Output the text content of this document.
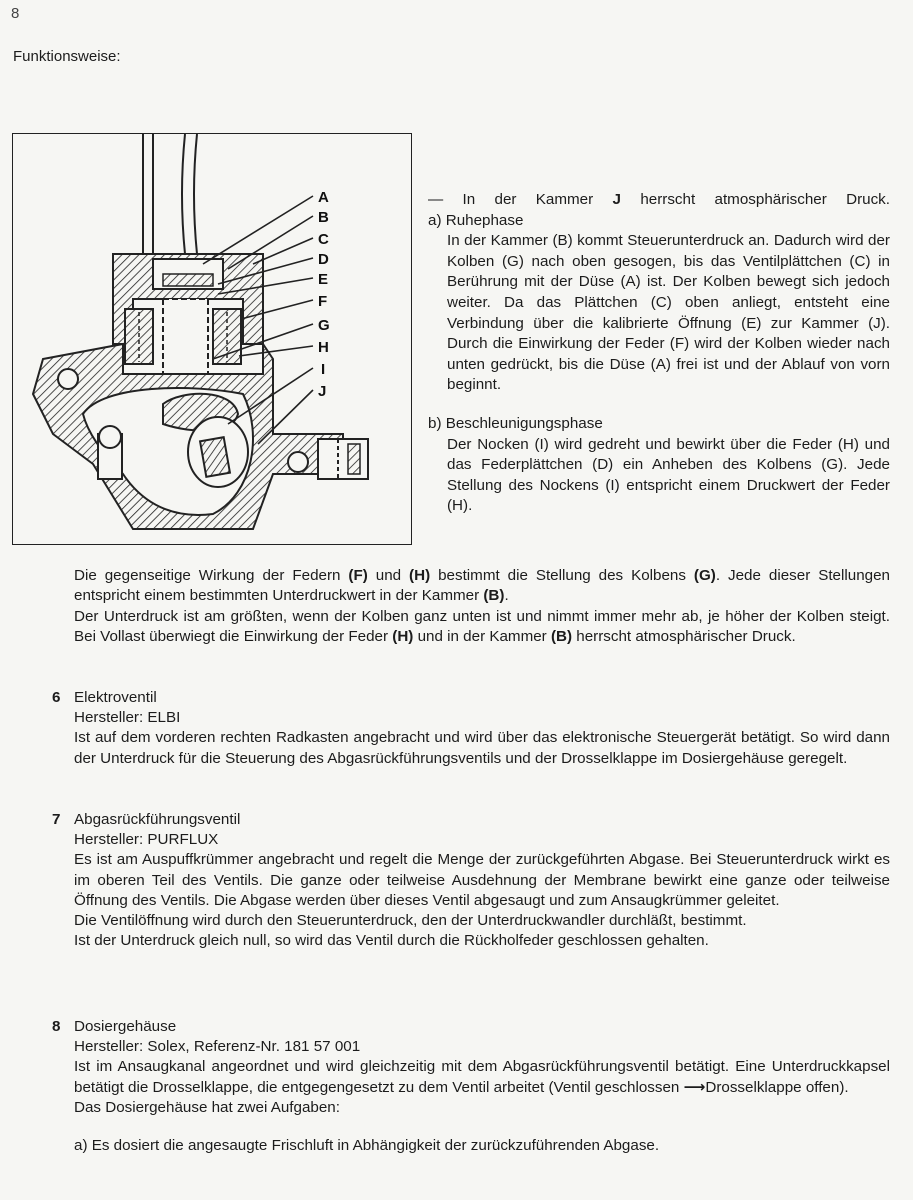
8
Funktionsweise:
A
B
C
D
E
F
G
H
I
J
— In der Kammer J herrscht atmosphärischer Druck.
a) Ruhephase
In der Kammer (B) kommt Steuerunterdruck an. Dadurch wird der Kolben (G) nach oben gesogen, bis das Ventilplättchen (C) in Berührung mit der Düse (A) ist. Der Kolben bewegt sich jedoch weiter. Da das Plättchen (C) oben anliegt, entsteht eine Verbindung über die kalibrierte Öffnung (E) zur Kammer (J). Durch die Einwirkung der Feder (F) wird der Kolben wieder nach unten gedrückt, bis die Düse (A) frei ist und der Ablauf von vorn beginnt.
b) Beschleunigungsphase
Der Nocken (I) wird gedreht und bewirkt über die Feder (H) und das Federplättchen (D) ein Anheben des Kolbens (G). Jede Stellung des Nockens (I) entspricht einem Druckwert der Feder (H).
Die gegenseitige Wirkung der Federn (F) und (H) bestimmt die Stellung des Kolbens (G). Jede dieser Stellungen entspricht einem bestimmten Unterdruckwert in der Kammer (B).
Der Unterdruck ist am größten, wenn der Kolben ganz unten ist und nimmt immer mehr ab, je höher der Kolben steigt. Bei Vollast überwiegt die Einwirkung der Feder (H) und in der Kammer (B) herrscht atmosphärischer Druck.
6 Elektroventil
Hersteller: ELBI
Ist auf dem vorderen rechten Radkasten angebracht und wird über das elektronische Steuergerät betätigt. So wird dann der Unterdruck für die Steuerung des Abgasrückführungsventils und der Drosselklappe im Dosiergehäuse geregelt.
7 Abgasrückführungsventil
Hersteller: PURFLUX
Es ist am Auspuffkrümmer angebracht und regelt die Menge der zurückgeführten Abgase. Bei Steuerunterdruck wirkt es im oberen Teil des Ventils. Die ganze oder teilweise Ausdehnung der Membrane bewirkt eine ganze oder teilweise Öffnung des Ventils. Die Abgase werden über dieses Ventil abgesaugt und zum Ansaugkrümmer geleitet.
Die Ventilöffnung wird durch den Steuerunterdruck, den der Unterdruckwandler durchläßt, bestimmt.
Ist der Unterdruck gleich null, so wird das Ventil durch die Rückholfeder geschlossen gehalten.
8 Dosiergehäuse
Hersteller: Solex, Referenz-Nr. 181 57 001
Ist im Ansaugkanal angeordnet und wird gleichzeitig mit dem Abgasrückführungsventil betätigt. Eine Unterdruckkapsel betätigt die Drosselklappe, die entgegengesetzt zu dem Ventil arbeitet (Ventil geschlossen ⟶Drosselklappe offen).
Das Dosiergehäuse hat zwei Aufgaben:
a) Es dosiert die angesaugte Frischluft in Abhängigkeit der zurückzuführenden Abgase.
